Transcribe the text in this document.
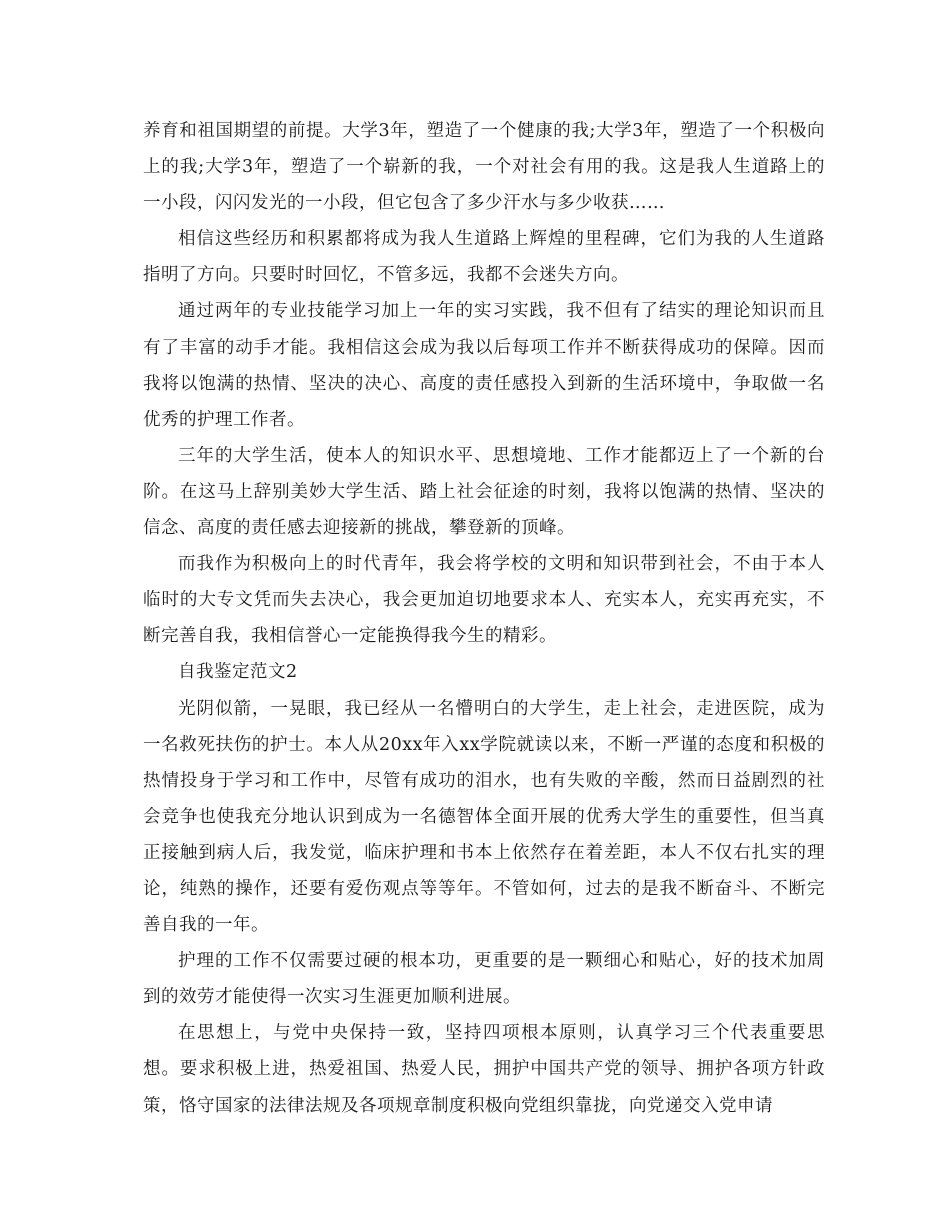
养育和祖国期望的前提。大学3年，塑造了一个健康的我;大学3年，塑造了一个积极向上的我;大学3年，塑造了一个崭新的我，一个对社会有用的我。这是我人生道路上的一小段，闪闪发光的一小段，但它包含了多少汗水与多少收获……

相信这些经历和积累都将成为我人生道路上辉煌的里程碑，它们为我的人生道路指明了方向。只要时时回忆，不管多远，我都不会迷失方向。

通过两年的专业技能学习加上一年的实习实践，我不但有了结实的理论知识而且有了丰富的动手才能。我相信这会成为我以后每项工作并不断获得成功的保障。因而我将以饱满的热情、坚决的决心、高度的责任感投入到新的生活环境中，争取做一名优秀的护理工作者。

三年的大学生活，使本人的知识水平、思想境地、工作才能都迈上了一个新的台阶。在这马上辞别美妙大学生活、踏上社会征途的时刻，我将以饱满的热情、坚决的信念、高度的责任感去迎接新的挑战，攀登新的顶峰。

而我作为积极向上的时代青年，我会将学校的文明和知识带到社会，不由于本人临时的大专文凭而失去决心，我会更加迫切地要求本人、充实本人，充实再充实，不断完善自我，我相信誉心一定能换得我今生的精彩。

自我鉴定范文2

光阴似箭，一晃眼，我已经从一名懵明白的大学生，走上社会，走进医院，成为一名救死扶伤的护士。本人从20xx年入xx学院就读以来，不断一严谨的态度和积极的热情投身于学习和工作中，尽管有成功的泪水，也有失败的辛酸，然而日益剧烈的社会竞争也使我充分地认识到成为一名德智体全面开展的优秀大学生的重要性，但当真正接触到病人后，我发觉，临床护理和书本上依然存在着差距，本人不仅右扎实的理论，纯熟的操作，还要有爱伤观点等等年。不管如何，过去的是我不断奋斗、不断完善自我的一年。

护理的工作不仅需要过硬的根本功，更重要的是一颗细心和贴心，好的技术加周到的效劳才能使得一次实习生涯更加顺利进展。

在思想上，与党中央保持一致，坚持四项根本原则，认真学习三个代表重要思想。要求积极上进，热爱祖国、热爱人民，拥护中国共产党的领导、拥护各项方针政策，恪守国家的法律法规及各项规章制度积极向党组织靠拢，向党递交入党申请
